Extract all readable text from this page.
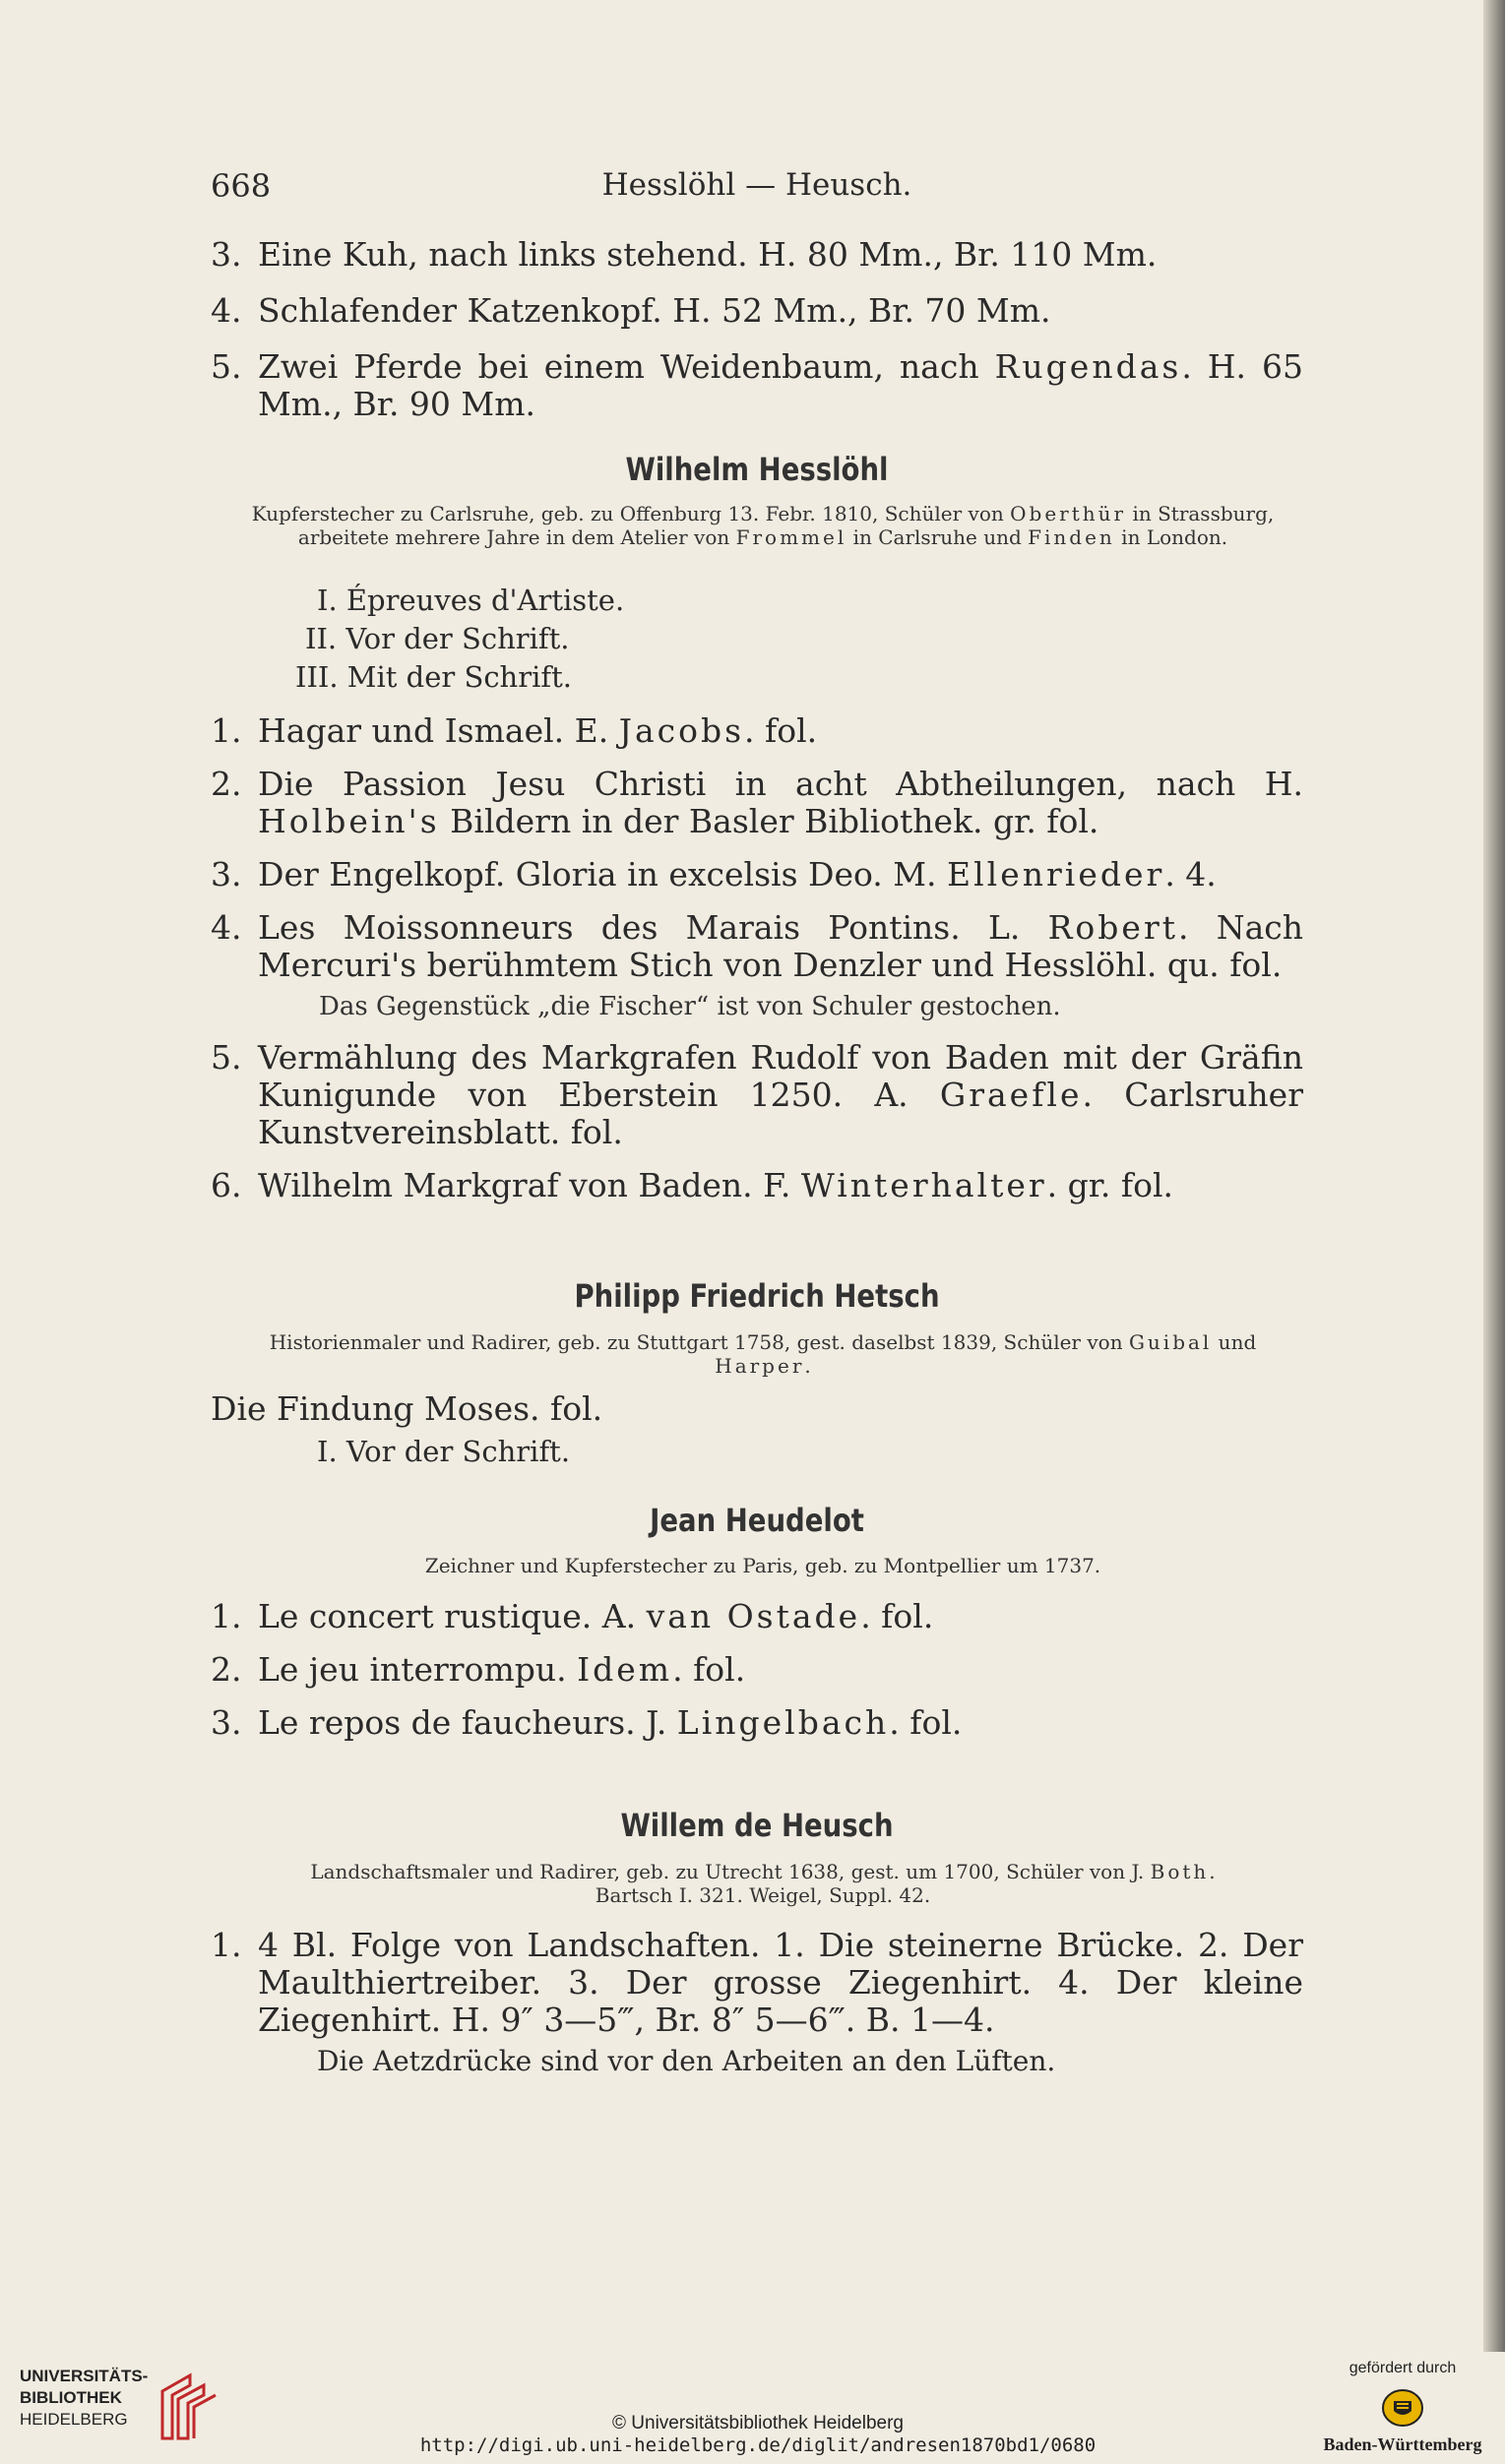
668	Hesslöhl — Heusch.

3. Eine Kuh, nach links stehend. H. 80 Mm., Br. 110 Mm.

4. Schlafender Katzenkopf. H. 52 Mm., Br. 70 Mm.

5. Zwei Pferde bei einem Weidenbaum, nach Rugendas. H. 65 Mm., Br. 90 Mm.

Wilhelm Hesslöhl
Kupferstecher zu Carlsruhe, geb. zu Offenburg 13. Febr. 1810, Schüler von Oberthür in Strassburg, arbeitete mehrere Jahre in dem Atelier von Frommel in Carlsruhe und Finden in London.
I. Épreuves d'Artiste.
II. Vor der Schrift.
III. Mit der Schrift.

1. Hagar und Ismael. E. Jacobs. fol.

2. Die Passion Jesu Christi in acht Abtheilungen, nach H. Holbein's Bildern in der Basler Bibliothek. gr. fol.

3. Der Engelkopf. Gloria in excelsis Deo. M. Ellenrieder. 4.

4. Les Moissonneurs des Marais Pontins. L. Robert. Nach Mercuri's berühmtem Stich von Denzler und Hesslöhl. qu. fol.

Das Gegenstück „die Fischer“ ist von Schuler gestochen.

5. Vermählung des Markgrafen Rudolf von Baden mit der Gräfin Kunigunde von Eberstein 1250. A. Graefle. Carlsruher Kunstvereinsblatt. fol.

6. Wilhelm Markgraf von Baden. F. Winterhalter. gr. fol.

Philipp Friedrich Hetsch
Historienmaler und Radirer, geb. zu Stuttgart 1758, gest. daselbst 1839, Schüler von Guibal und Harper.
Die Findung Moses. fol.
I. Vor der Schrift.
Jean Heudelot
Zeichner und Kupferstecher zu Paris, geb. zu Montpellier um 1737.

1. Le concert rustique. A. van Ostade. fol.

2. Le jeu interrompu. Idem. fol.

3. Le repos de faucheurs. J. Lingelbach. fol.

Willem de Heusch
Landschaftsmaler und Radirer, geb. zu Utrecht 1638, gest. um 1700, Schüler von J. Both.
Bartsch I. 321. Weigel, Suppl. 42.

1. 4 Bl. Folge von Landschaften. 1. Die steinerne Brücke. 2. Der Maulthiertreiber. 3. Der grosse Ziegenhirt. 4. Der kleine Ziegenhirt. H. 9″ 3—5‴, Br. 8″ 5—6‴. B. 1—4.

Die Aetzdrücke sind vor den Arbeiten an den Lüften.

UNIVERSITÄTS-
BIBLIOTHEK
HEIDELBERG	© Universitätsbibliothek Heidelberg
http://digi.ub.uni-heidelberg.de/diglit/andresen1870bd1/0680
gefördert durch
Baden-Württemberg
